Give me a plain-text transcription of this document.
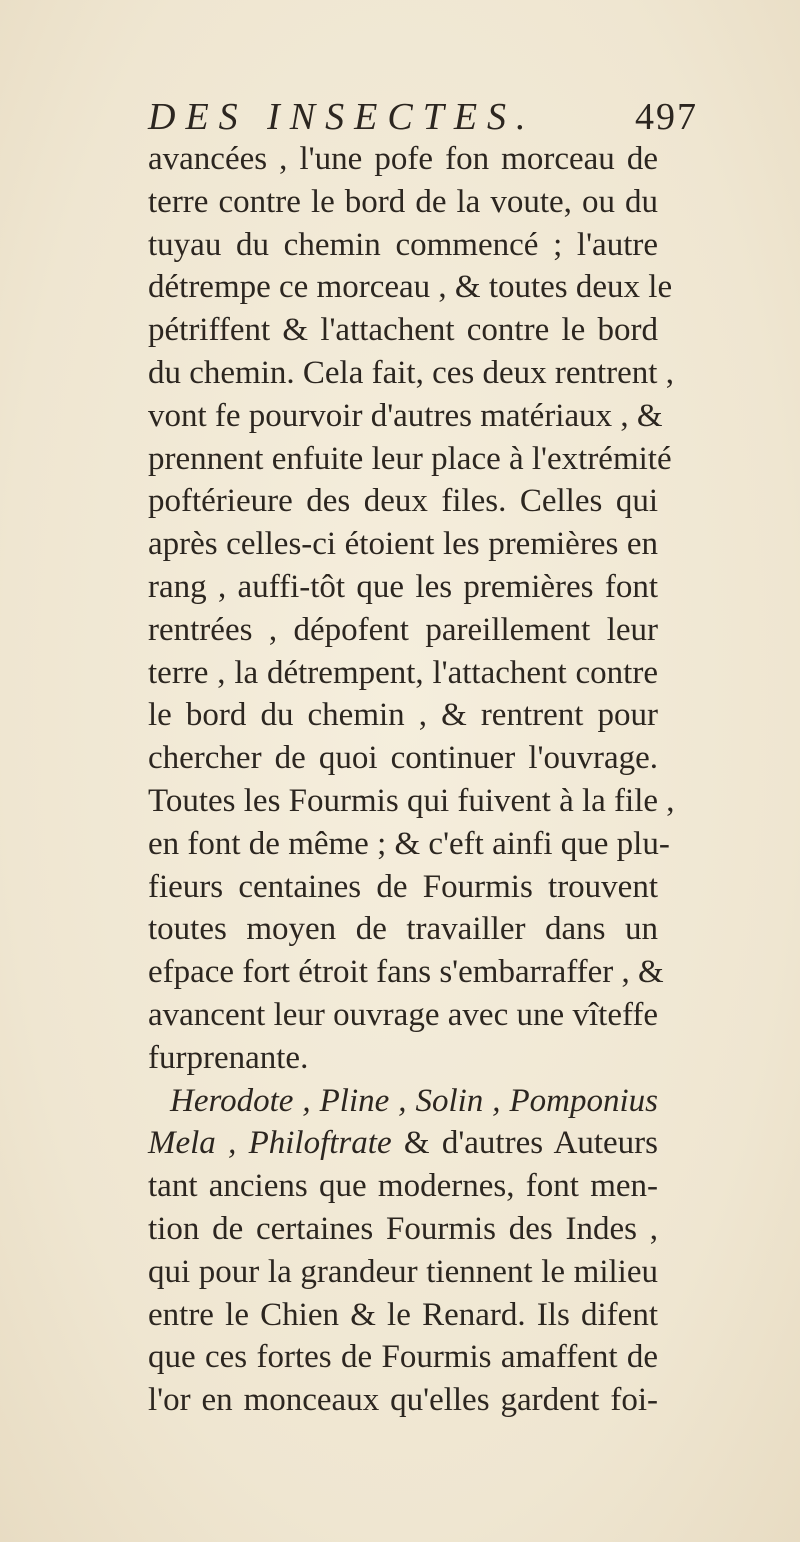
DES INSECTES.	497
avancées , l'une pofe fon morceau de
terre contre le bord de la voute, ou du
tuyau du chemin commencé ; l'autre
détrempe ce morceau , & toutes deux le
pétriffent & l'attachent contre le bord
du chemin. Cela fait, ces deux rentrent ,
vont fe pourvoir d'autres matériaux , &
prennent enfuite leur place à l'extrémité
poftérieure des deux files. Celles qui
après celles-ci étoient les premières en
rang , auffi-tôt que les premières font
rentrées , dépofent pareillement leur
terre , la détrempent, l'attachent contre
le bord du chemin , & rentrent pour
chercher de quoi continuer l'ouvrage.
Toutes les Fourmis qui fuivent à la file ,
en font de même ; & c'eft ainfi que plu-
fieurs centaines de Fourmis trouvent
toutes moyen de travailler dans un
efpace fort étroit fans s'embarraffer , &
avancent leur ouvrage avec une vîteffe
furprenante.
Herodote , Pline , Solin , Pomponius
Mela , Philoftrate & d'autres Auteurs
tant anciens que modernes, font men-
tion de certaines Fourmis des Indes ,
qui pour la grandeur tiennent le milieu
entre le Chien & le Renard. Ils difent
que ces fortes de Fourmis amaffent de
l'or en monceaux qu'elles gardent foi-
